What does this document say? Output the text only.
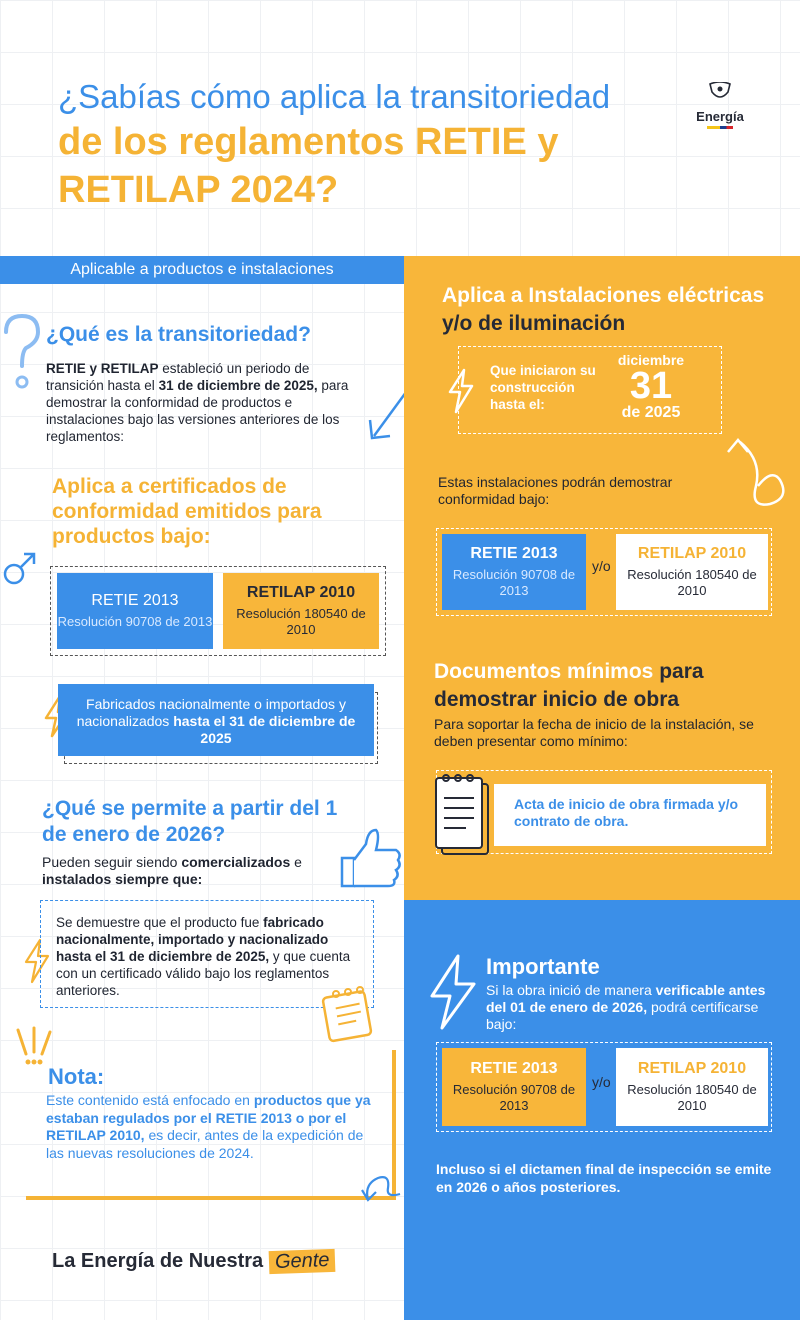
¿Sabías cómo aplica la transitoriedad
de los reglamentos RETIE y RETILAP 2024?
Energía
Aplicable a productos e instalaciones
¿Qué es la transitoriedad?
RETIE y RETILAP estableció un periodo de transición hasta el 31 de diciembre de 2025, para demostrar la conformidad de productos e instalaciones bajo las versiones anteriores de los reglamentos:
Aplica a certificados de conformidad emitidos para productos bajo:
RETIE 2013
Resolución 90708 de 2013
RETILAP 2010
Resolución 180540 de 2010
Fabricados nacionalmente o importados y nacionalizados hasta el 31 de diciembre de 2025
¿Qué se permite a partir del 1 de enero de 2026?
Pueden seguir siendo comercializados e instalados siempre que:
Se demuestre que el producto fue fabricado nacionalmente, importado y nacionalizado hasta el 31 de diciembre de 2025, y que cuenta con un certificado válido bajo los reglamentos anteriores.
Nota:
Este contenido está enfocado en productos que ya estaban regulados por el RETIE 2013 o por el RETILAP 2010, es decir, antes de la expedición de las nuevas resoluciones de 2024.
La Energía de Nuestra Gente
Aplica a Instalaciones eléctricas y/o de iluminación
Que iniciaron su construcción hasta el:
diciembre
31
de 2025
Estas instalaciones podrán demostrar conformidad bajo:
RETIE 2013
Resolución 90708 de 2013
y/o
RETILAP 2010
Resolución 180540 de 2010
Documentos mínimos para demostrar inicio de obra
Para soportar la fecha de inicio de la instalación, se deben presentar como mínimo:
Acta de inicio de obra firmada y/o contrato de obra.
Importante
Si la obra inició de manera verificable antes del 01 de enero de 2026, podrá certificarse bajo:
RETIE 2013
Resolución 90708 de 2013
y/o
RETILAP 2010
Resolución 180540 de 2010
Incluso si el dictamen final de inspección se emite en 2026 o años posteriores.
